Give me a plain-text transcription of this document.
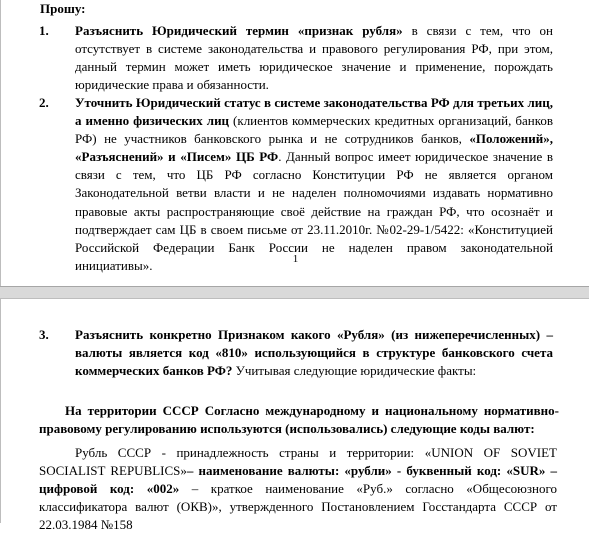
Прошу:
1. Разъяснить Юридический термин «признак рубля» в связи с тем, что он отсутствует в системе законодательства и правового регулирования РФ, при этом, данный термин может иметь юридическое значение и применение, порождать юридические права и обязанности.
2. Уточнить Юридический статус в системе законодательства РФ для третьих лиц, а именно физических лиц (клиентов коммерческих кредитных организаций, банков РФ) не участников банковского рынка и не сотрудников банков, «Положений», «Разъяснений» и «Писем» ЦБ РФ. Данный вопрос имеет юридическое значение в связи с тем, что ЦБ РФ согласно Конституции РФ не является органом Законодательной ветви власти и не наделен полномочиями издавать нормативно правовые акты распространяющие своё действие на граждан РФ, что осознаёт и подтверждает сам ЦБ в своем письме от 23.11.2010г. №02-29-1/5422: «Конституцией Российской Федерации Банк России не наделен правом законодательной инициативы».	1
3. Разъяснить конкретно Признаком какого «Рубля» (из нижеперечисленных) – валюты является код «810» использующийся в структуре банковского счета коммерческих банков РФ? Учитывая следующие юридические факты:
На территории СССР Согласно международному и национальному нормативно-правовому регулированию используются (использовались) следующие коды валют:
Рубль СССР - принадлежность страны и территории: «UNION OF SOVIET SOCIALIST REPUBLICS»– наименование валюты: «рубли» - буквенный код: «SUR» – цифровой код: «002» – краткое наименование «Руб.» согласно «Общесоюзного классификатора валют (ОКВ)», утвержденного Постановлением Госстандарта СССР от 22.03.1984 №158
